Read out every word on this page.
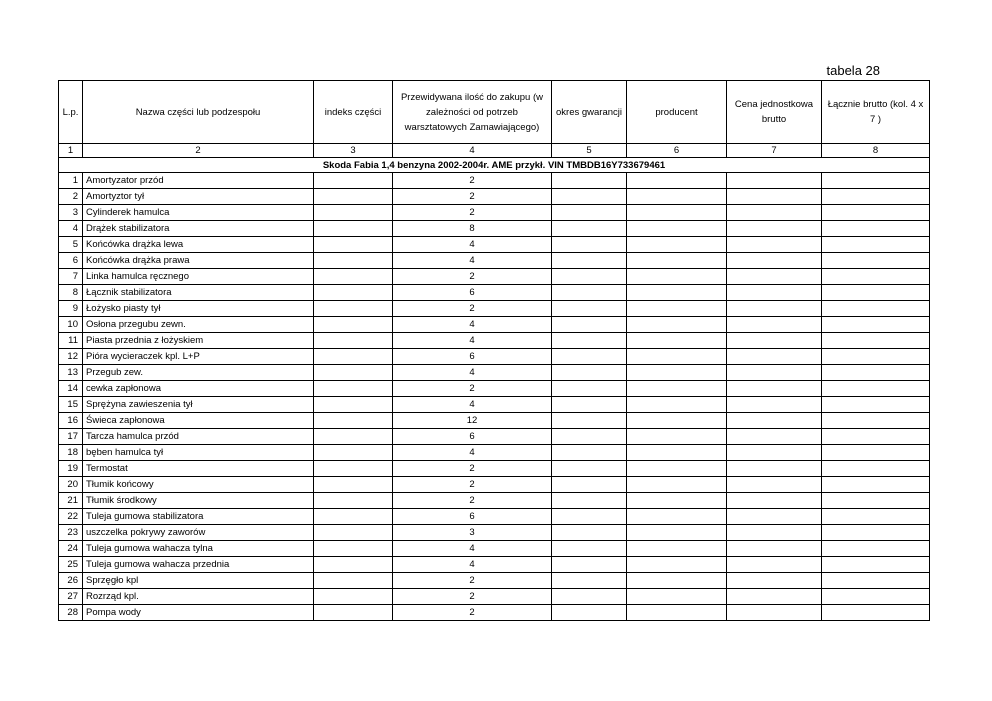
tabela 28
L.p.	Nazwa części lub podzespołu	indeks części	Przewidywana ilość do zakupu (w zależności od potrzeb warsztatowych Zamawiającego)	okres gwarancji	producent	Cena jednostkowa brutto	Łącznie brutto (kol. 4 x 7 )
1	2	3	4	5	6	7	8
Skoda Fabia 1,4 benzyna 2002-2004r. AME przykł. VIN TMBDB16Y733679461							
1	Amortyzator przód		2				
2	Amortyztor tył		2				
3	Cylinderek hamulca		2				
4	Drążek stabilizatora		8				
5	Końcówka drążka lewa		4				
6	Końcówka drążka prawa		4				
7	Linka hamulca ręcznego		2				
8	Łącznik stabilizatora		6				
9	Łożysko piasty tył		2				
10	Osłona przegubu zewn.		4				
11	Piasta przednia z łożyskiem		4				
12	Pióra wycieraczek kpl. L+P		6				
13	Przegub zew.		4				
14	cewka zapłonowa		2				
15	Sprężyna zawieszenia tył		4				
16	Świeca zapłonowa		12				
17	Tarcza hamulca przód		6				
18	bęben hamulca tył		4				
19	Termostat		2				
20	Tłumik końcowy		2				
21	Tłumik środkowy		2				
22	Tuleja gumowa stabilizatora		6				
23	uszczelka pokrywy zaworów		3				
24	Tuleja gumowa wahacza tylna		4				
25	Tuleja gumowa wahacza przednia		4				
26	Sprzęgło kpl		2				
27	Rozrząd kpl.		2				
28	Pompa wody		2				
